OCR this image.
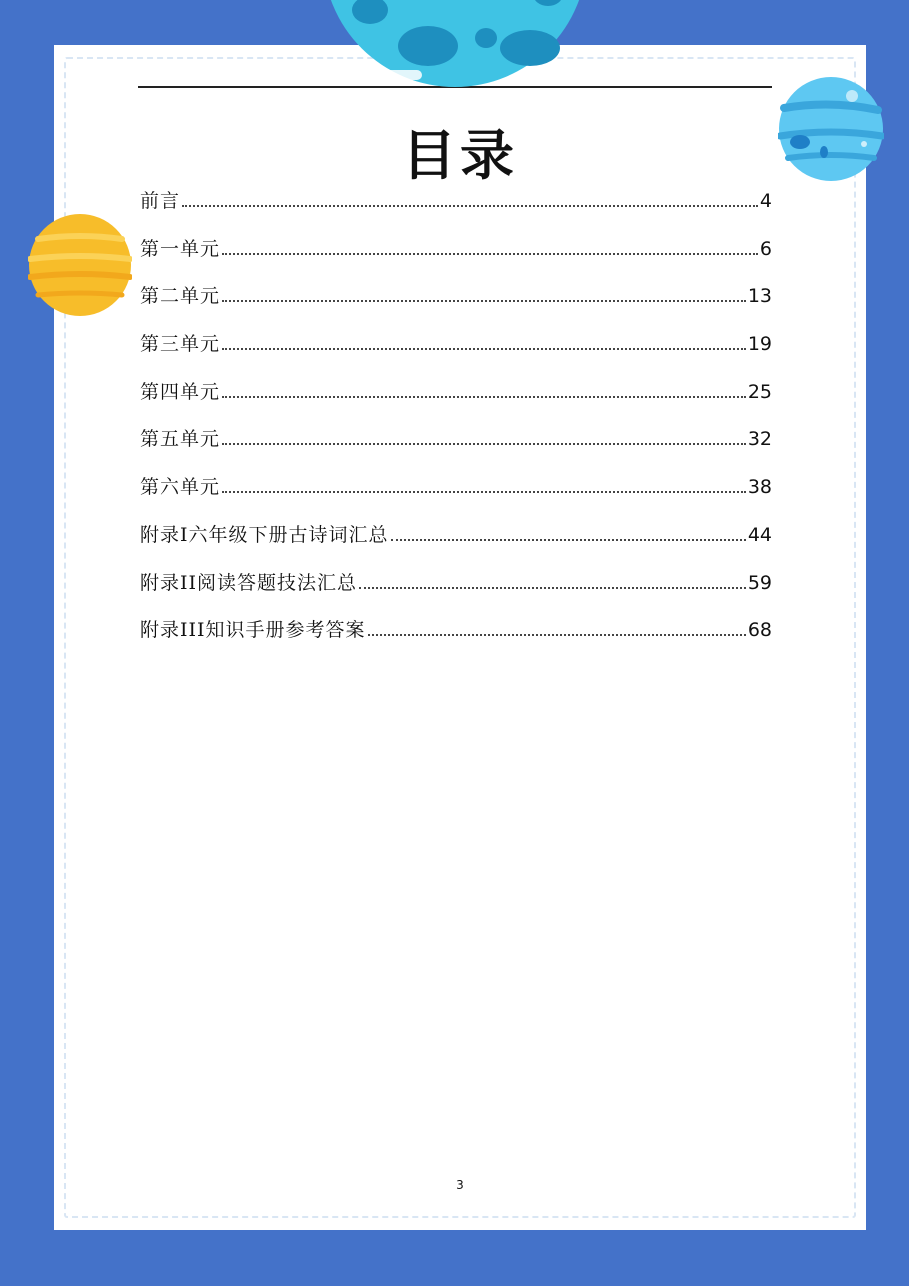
目录
前言	4
第一单元	6
第二单元	13
第三单元	19
第四单元	25
第五单元	32
第六单元	38
附录I六年级下册古诗词汇总	44
附录II阅读答题技法汇总	59
附录III知识手册参考答案	68
3
